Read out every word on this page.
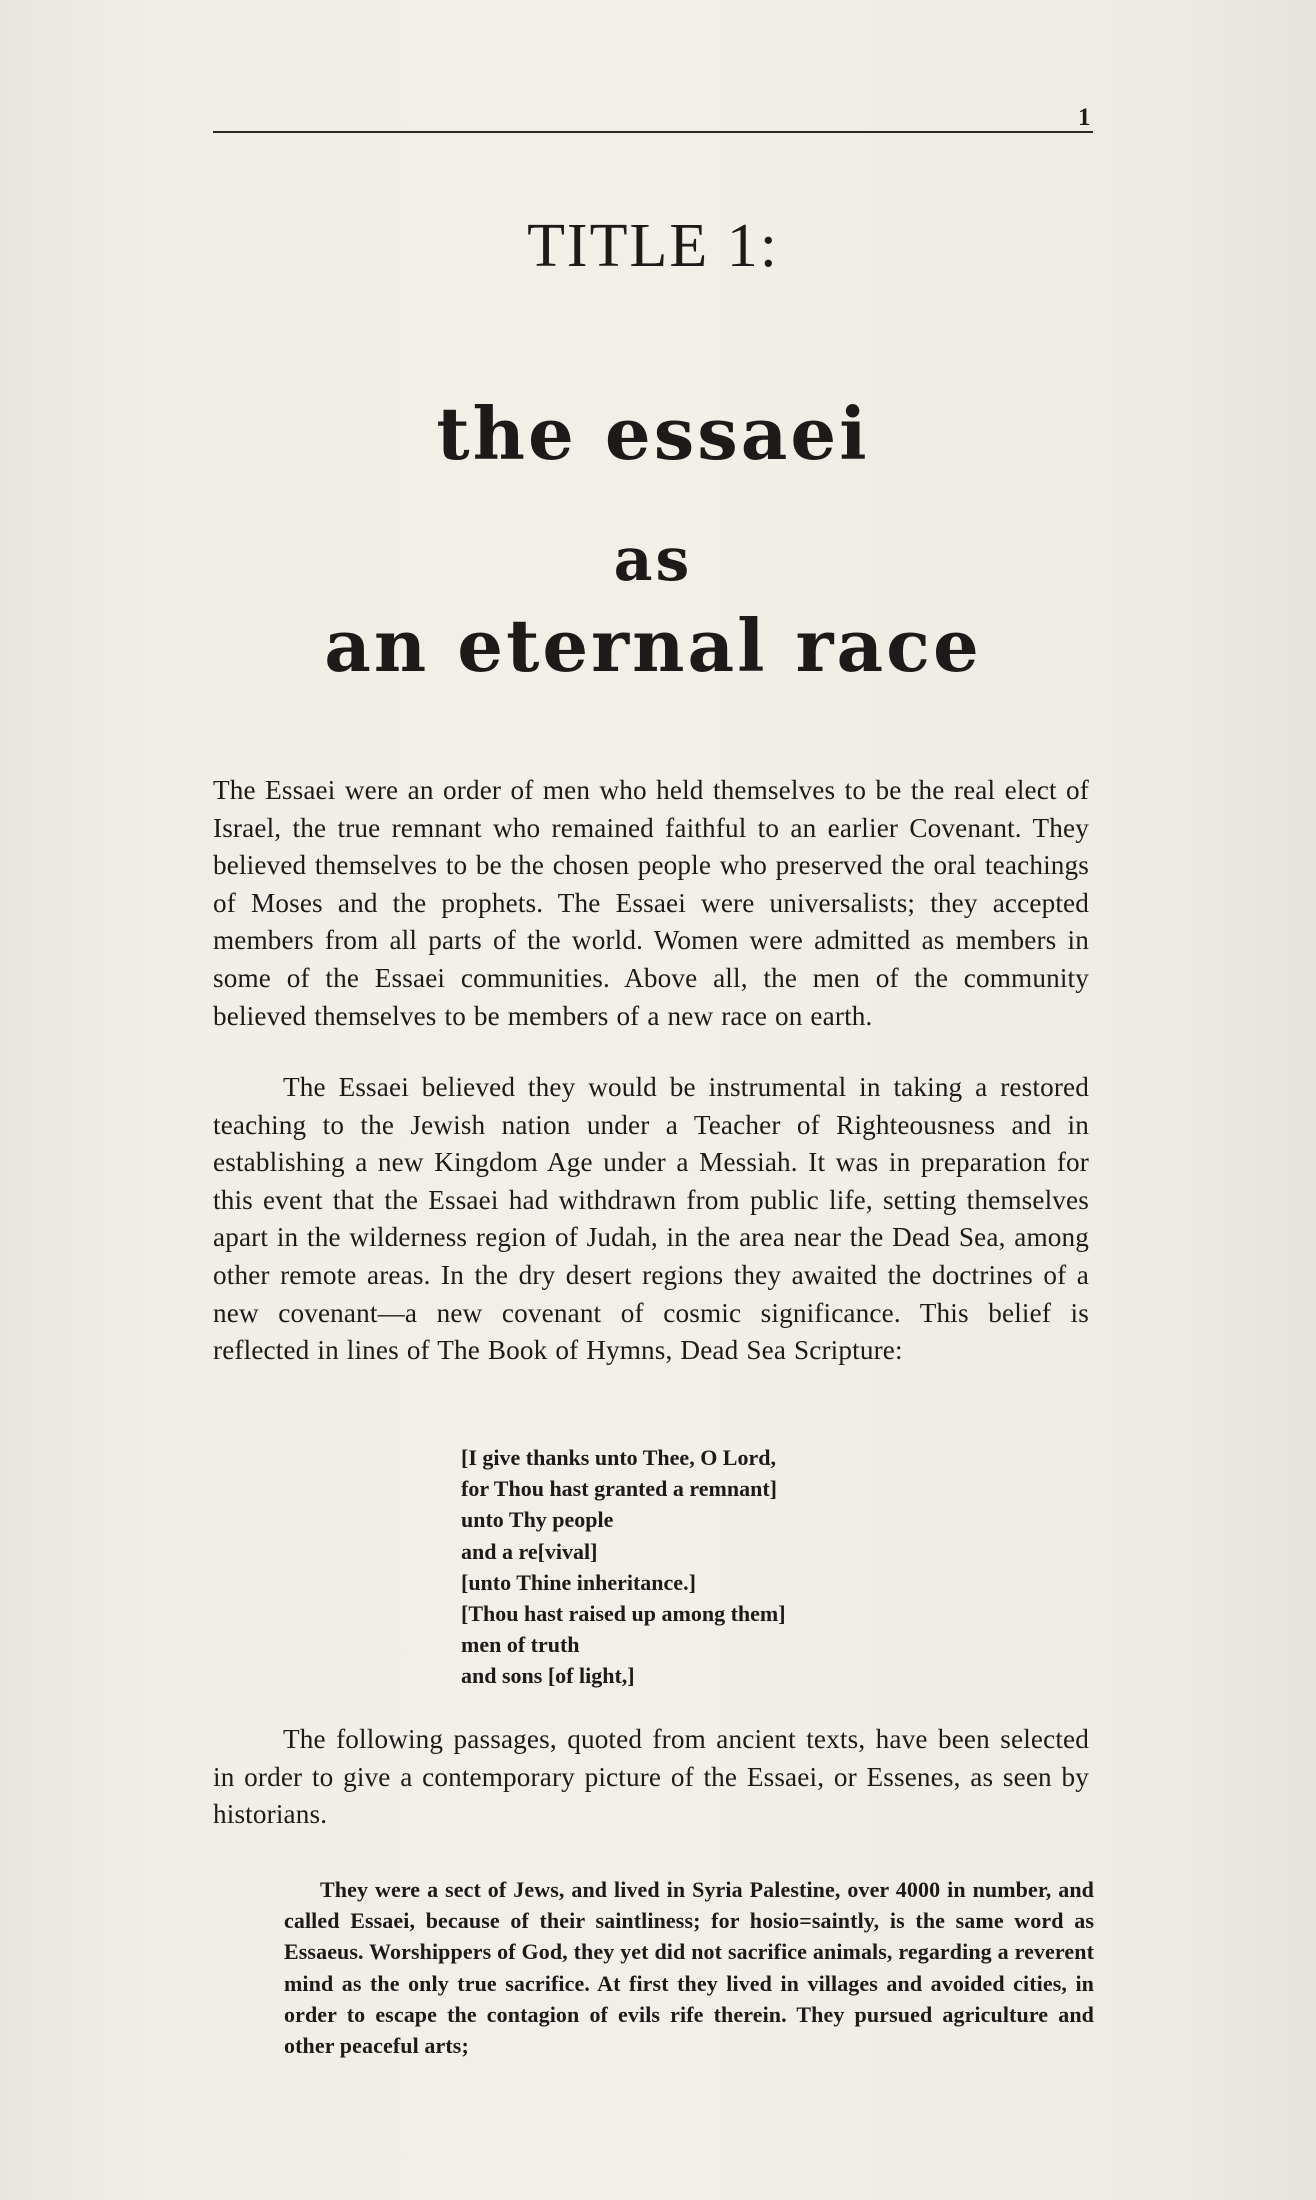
1
TITLE 1:
the essaei
as
an eternal race

The Essaei were an order of men who held themselves to be the real elect of Israel, the true remnant who remained faithful to an earlier Covenant. They believed themselves to be the chosen people who preserved the oral teachings of Moses and the prophets. The Essaei were universalists; they accepted members from all parts of the world. Women were admitted as members in some of the Essaei communities. Above all, the men of the community believed themselves to be members of a new race on earth.

The Essaei believed they would be instrumental in taking a restored teaching to the Jewish nation under a Teacher of Righteousness and in establishing a new Kingdom Age under a Messiah. It was in preparation for this event that the Essaei had withdrawn from public life, setting themselves apart in the wilderness region of Judah, in the area near the Dead Sea, among other remote areas. In the dry desert regions they awaited the doctrines of a new covenant—a new covenant of cosmic significance. This belief is reflected in lines of The Book of Hymns, Dead Sea Scripture:

[I give thanks unto Thee, O Lord,
for Thou hast granted a remnant]
unto Thy people
and a re[vival]
[unto Thine inheritance.]
[Thou hast raised up among them]
men of truth
and sons [of light,]

The following passages, quoted from ancient texts, have been selected in order to give a contemporary picture of the Essaei, or Essenes, as seen by historians.

They were a sect of Jews, and lived in Syria Palestine, over 4000 in number, and called Essaei, because of their saintliness; for hosio=saintly, is the same word as Essaeus. Worshippers of God, they yet did not sacrifice animals, regarding a reverent mind as the only true sacrifice. At first they lived in villages and avoided cities, in order to escape the contagion of evils rife therein. They pursued agriculture and other peaceful arts;
